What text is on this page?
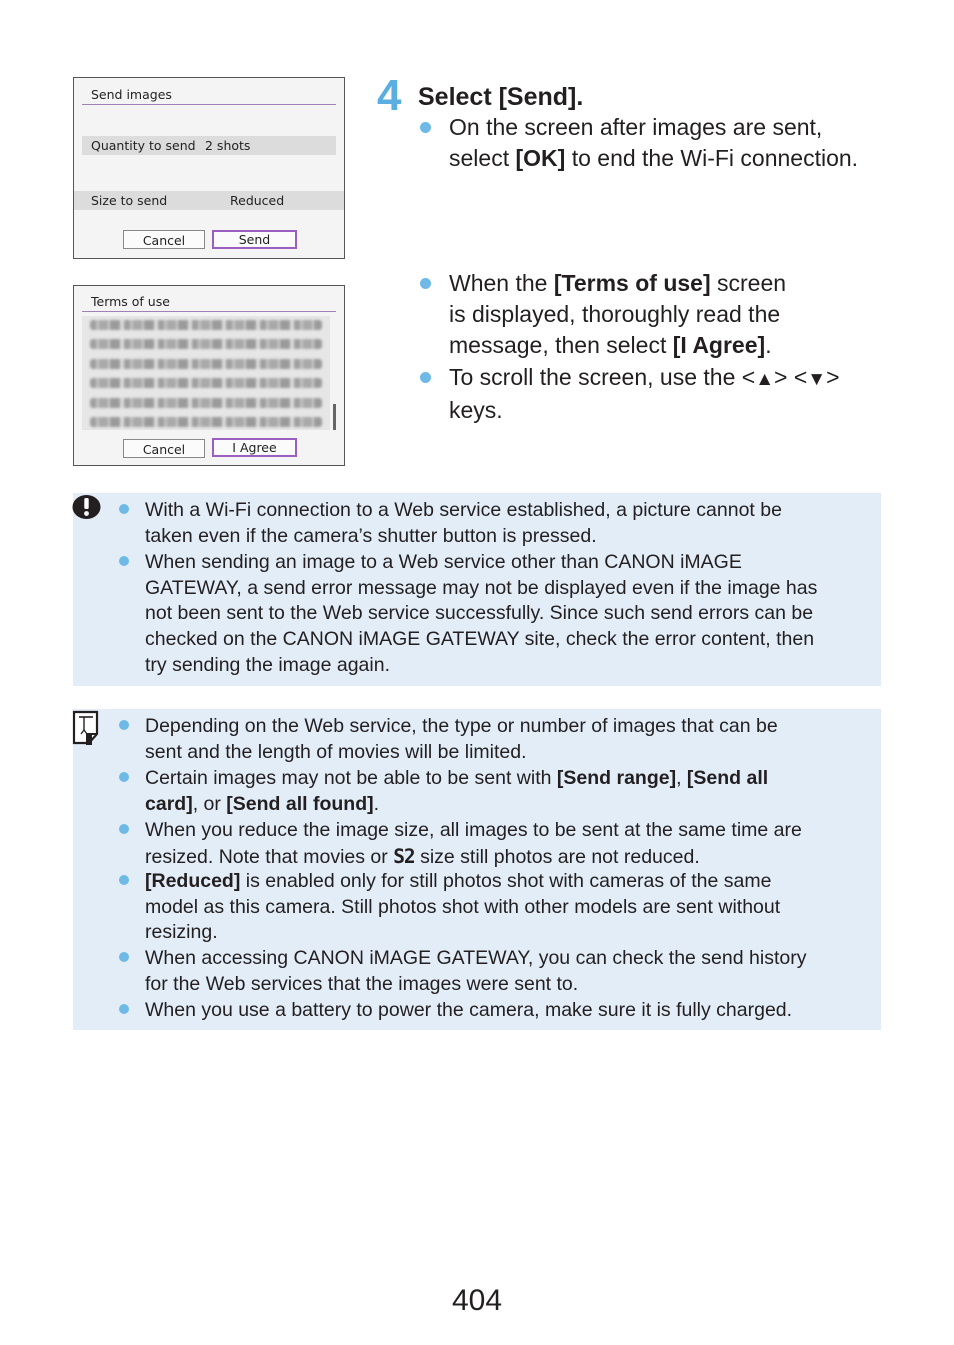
Send images
Quantity to send 2 shots
Size to send	Reduced
Cancel	Send
Terms of use
Cancel	I Agree
4 Select [Send].
On the screen after images are sent,
select [OK] to end the Wi-Fi connection.
When the [Terms of use] screen
is displayed, thoroughly read the
message, then select [I Agree].
To scroll the screen, use the <▲> <▼>
keys.
With a Wi-Fi connection to a Web service established, a picture cannot be
taken even if the camera’s shutter button is pressed.
When sending an image to a Web service other than CANON iMAGE
GATEWAY, a send error message may not be displayed even if the image has
not been sent to the Web service successfully. Since such send errors can be
checked on the CANON iMAGE GATEWAY site, check the error content, then
try sending the image again.
Depending on the Web service, the type or number of images that can be
sent and the length of movies will be limited.
Certain images may not be able to be sent with [Send range], [Send all
card], or [Send all found].
When you reduce the image size, all images to be sent at the same time are
resized. Note that movies or S2 size still photos are not reduced.
[Reduced] is enabled only for still photos shot with cameras of the same
model as this camera. Still photos shot with other models are sent without
resizing.
When accessing CANON iMAGE GATEWAY, you can check the send history
for the Web services that the images were sent to.
When you use a battery to power the camera, make sure it is fully charged.
404
